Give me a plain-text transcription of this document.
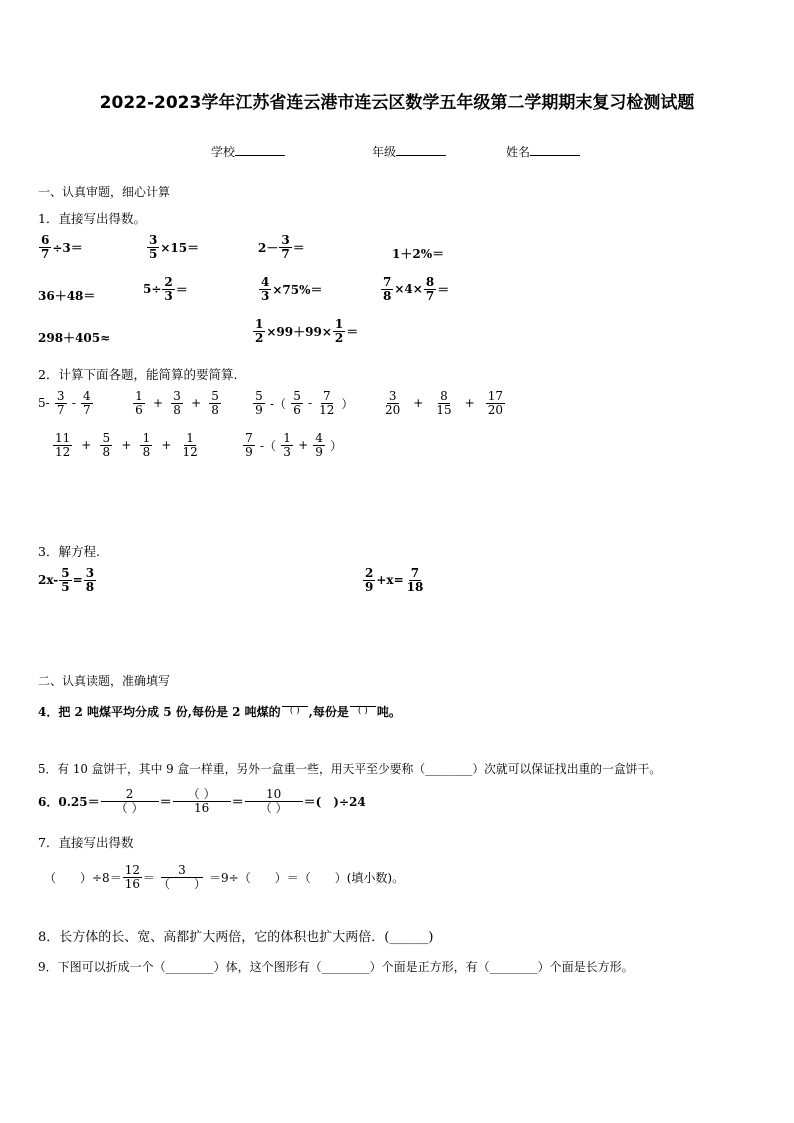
2022-2023学年江苏省连云港市连云区数学五年级第二学期期末复习检测试题
学校	年级	姓名
一、认真审题，细心计算
1．直接写出得数。
$\frac{6}{7} \div 3=$	$\frac{3}{5} \times 15=$	$2- \frac{3}{7}$ ＝	1＋2%＝
36＋48＝	$5\div \frac{2}{3}$ ＝	$\frac{4}{3} \times 75\%=$	$\frac{7}{8} \times 4\times \frac{8}{7}$ ＝
298＋405≈	$\frac{1}{2} \times 99+99\times \frac{1}{2}$ ＝
2．计算下面各题，能简算的要简算.
$5- \frac{3}{7} - \frac{4}{7}$	$\frac{1}{6} + \frac{3}{8} + \frac{5}{8}$	$\frac{5}{9}$ -（ $\frac{5}{6} - \frac{7}{12}$ ） $\frac{3}{20} + \frac{8}{15} + \frac{17}{20}$
$\frac{11}{12} + \frac{5}{8} + \frac{1}{8} + \frac{1}{12}$	$\frac{7}{9}$ -（ $\frac{1}{3} + \frac{4}{9}$ ）
3．解方程.
$2x- \frac{5}{5} = \frac{3}{8}$	$\frac{2}{9} +x= \frac{7}{18}$
二、认真读题，准确填写
4．把 2 吨煤平均分成 5 份,每份是 2 吨煤的 ( ) ,每份是 ( ) 吨。
5．有 10 盒饼干，其中 9 盒一样重，另外一盒重一些，用天平至少要称（________）次就可以保证找出重的一盒饼干。
6．$0.25= \frac{2}{( )} = \frac{( )}{16} = \frac{10}{( )}$ ＝(　)÷24
7．直接写出得数
（　　）$\div 8= \frac{12}{16} = \frac{3}{( )} =9\div$（　　）＝（　　）(填小数)。
8．长方体的长、宽、高都扩大两倍，它的体积也扩大两倍．(______)
9．下图可以折成一个（________）体，这个图形有（________）个面是正方形，有（________）个面是长方形。
